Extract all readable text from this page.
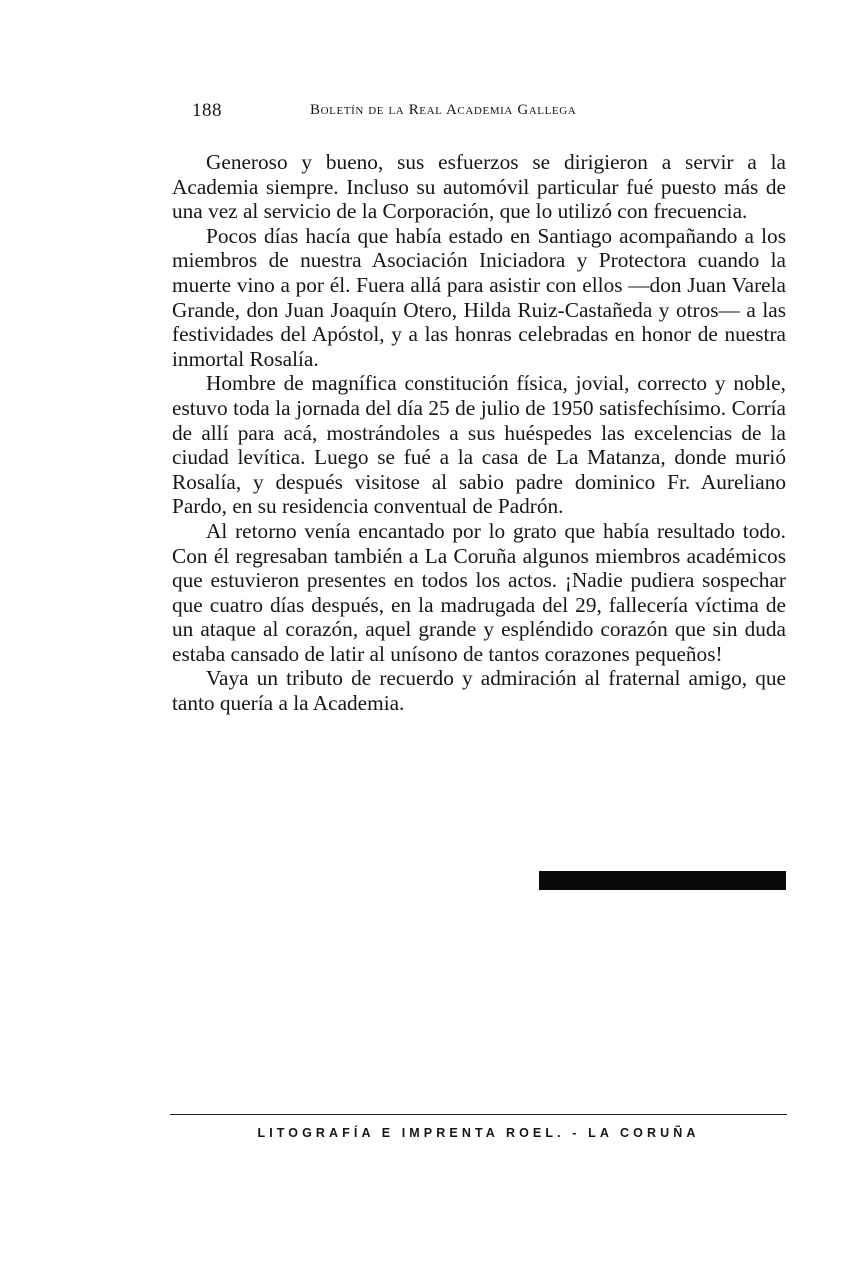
188	Boletín de la Real Academia Gallega

Generoso y bueno, sus esfuerzos se dirigieron a servir a la Academia siempre. Incluso su automóvil particular fué puesto más de una vez al servicio de la Corporación, que lo utilizó con frecuencia.

Pocos días hacía que había estado en Santiago acompañando a los miembros de nuestra Asociación Iniciadora y Protectora cuando la muerte vino a por él. Fuera allá para asistir con ellos —don Juan Varela Grande, don Juan Joaquín Otero, Hilda Ruiz-Castañeda y otros— a las festividades del Apóstol, y a las honras celebradas en honor de nuestra inmortal Rosalía.

Hombre de magnífica constitución física, jovial, correcto y noble, estuvo toda la jornada del día 25 de julio de 1950 satisfechísimo. Corría de allí para acá, mostrándoles a sus huéspedes las excelencias de la ciudad levítica. Luego se fué a la casa de La Matanza, donde murió Rosalía, y después visitose al sabio padre dominico Fr. Aureliano Pardo, en su residencia conventual de Padrón.

Al retorno venía encantado por lo grato que había resultado todo. Con él regresaban también a La Coruña algunos miembros académicos que estuvieron presentes en todos los actos. ¡Nadie pudiera sospechar que cuatro días después, en la madrugada del 29, fallecería víctima de un ataque al corazón, aquel grande y espléndido corazón que sin duda estaba cansado de latir al unísono de tantos corazones pequeños!

Vaya un tributo de recuerdo y admiración al fraternal amigo, que tanto quería a la Academia.

LITOGRAFÍA E IMPRENTA ROEL. - LA CORUÑA
